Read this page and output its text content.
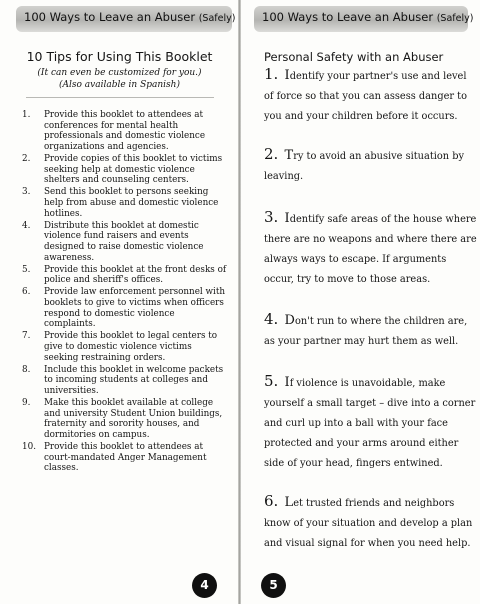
100 Ways to Leave an Abuser (Safely)
10 Tips for Using This Booklet
(It can even be customized for you.)
(Also available in Spanish)
1. Provide this booklet to attendees at conferences for mental health professionals and domestic violence organizations and agencies.
2. Provide copies of this booklet to victims seeking help at domestic violence shelters and counseling centers.
3. Send this booklet to persons seeking help from abuse and domestic violence hotlines.
4. Distribute this booklet at domestic violence fund raisers and events designed to raise domestic violence awareness.
5. Provide this booklet at the front desks of police and sheriff's offices.
6. Provide law enforcement personnel with booklets to give to victims when officers respond to domestic violence complaints.
7. Provide this booklet to legal centers to give to domestic violence victims seeking restraining orders.
8. Include this booklet in welcome packets to incoming students at colleges and universities.
9. Make this booklet available at college and university Student Union buildings, fraternity and sorority houses, and dormitories on campus.
10. Provide this booklet to attendees at court-mandated Anger Management classes.
4
100 Ways to Leave an Abuser (Safely)
Personal Safety with an Abuser
1. Identify your partner's use and level of force so that you can assess danger to you and your children before it occurs.
2. Try to avoid an abusive situation by leaving.
3. Identify safe areas of the house where there are no weapons and where there are always ways to escape. If arguments occur, try to move to those areas.
4. Don't run to where the children are, as your partner may hurt them as well.
5. If violence is unavoidable, make yourself a small target – dive into a corner and curl up into a ball with your face protected and your arms around either side of your head, fingers entwined.
6. Let trusted friends and neighbors know of your situation and develop a plan and visual signal for when you need help.
5
